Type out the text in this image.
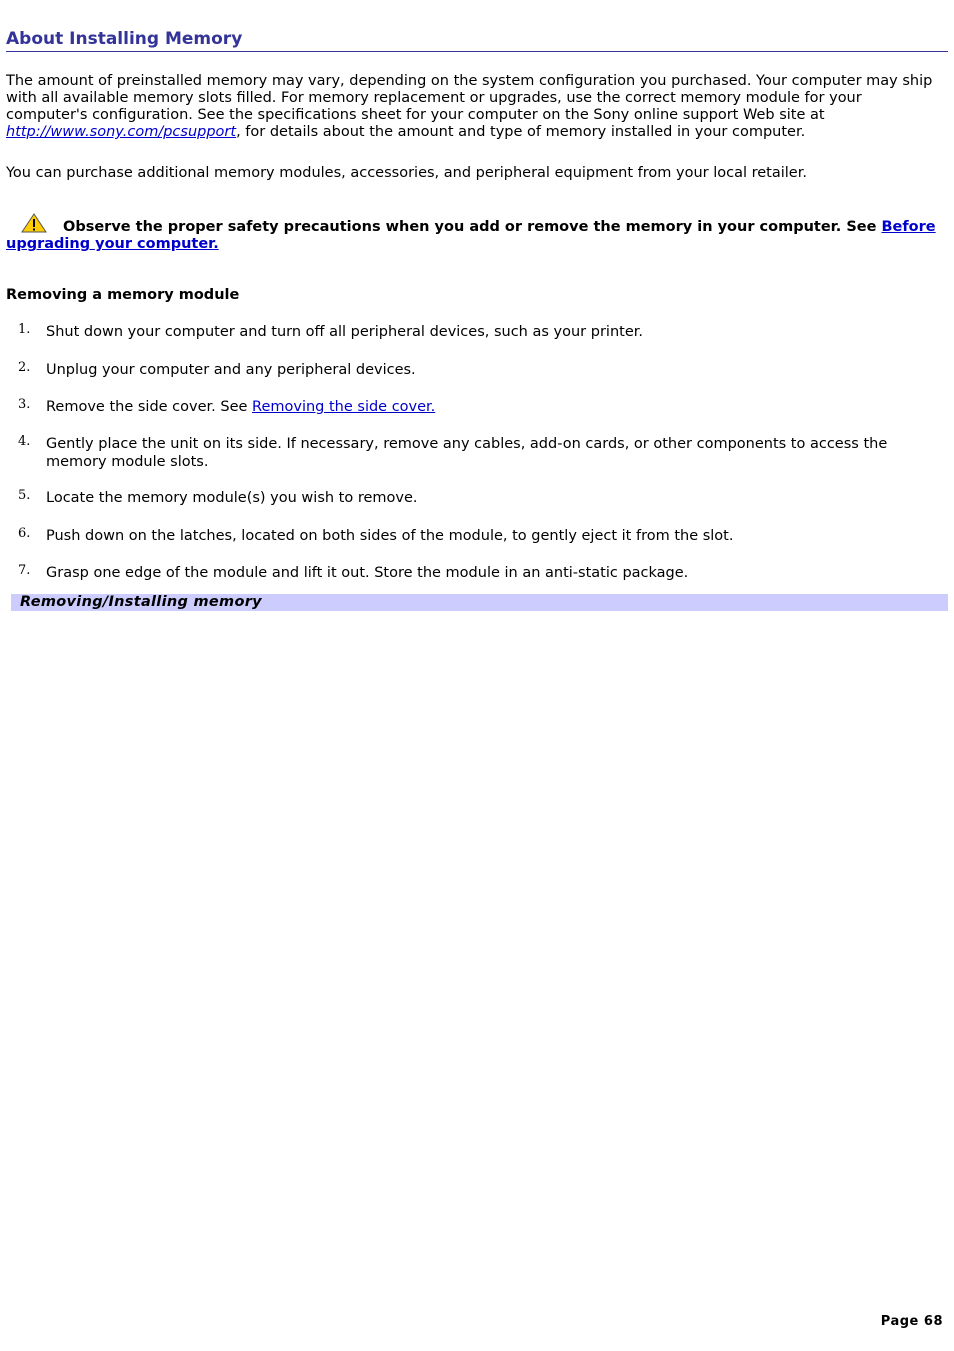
About Installing Memory

The amount of preinstalled memory may vary, depending on the system configuration you purchased. Your computer may ship with all available memory slots filled. For memory replacement or upgrades, use the correct memory module for your computer's configuration. See the specifications sheet for your computer on the Sony online support Web site at http://www.sony.com/pcsupport, for details about the amount and type of memory installed in your computer.

You can purchase additional memory modules, accessories, and peripheral equipment from your local retailer.

Observe the proper safety precautions when you add or remove the memory in your computer. See Before upgrading your computer.
Removing a memory module
1. Shut down your computer and turn off all peripheral devices, such as your printer.
2. Unplug your computer and any peripheral devices.
3. Remove the side cover. See Removing the side cover.
4. Gently place the unit on its side. If necessary, remove any cables, add-on cards, or other components to access the memory module slots.
5. Locate the memory module(s) you wish to remove.
6. Push down on the latches, located on both sides of the module, to gently eject it from the slot.
7. Grasp one edge of the module and lift it out. Store the module in an anti-static package.
Removing/Installing memory
Page 68
